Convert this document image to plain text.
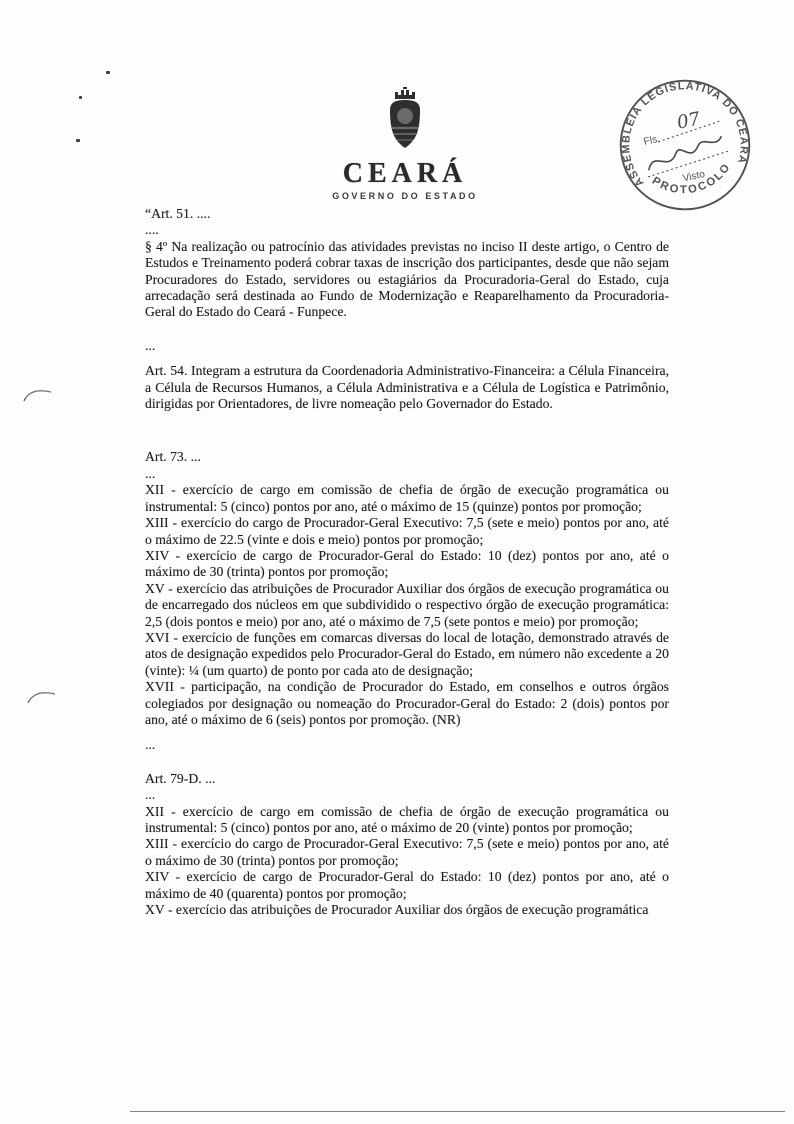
CEARÁ
GOVERNO DO ESTADO
ASSEMBLEIA LEGISLATIVA DO CEARÁ
PROTOCOLO
Fls.
07
Visto

“Art. 51. ....

....

§ 4º Na realização ou patrocínio das atividades previstas no inciso II deste artigo, o Centro de Estudos e Treinamento poderá cobrar taxas de inscrição dos participantes, desde que não sejam Procuradores do Estado, servidores ou estagiários da Procuradoria-Geral do Estado, cuja arrecadação será destinada ao Fundo de Modernização e Reaparelhamento da Procuradoria-Geral do Estado do Ceará - Funpece.

...

Art. 54. Integram a estrutura da Coordenadoria Administrativo-Financeira: a Célula Financeira, a Célula de Recursos Humanos, a Célula Administrativa e a Célula de Logística e Patrimônio, dirigidas por Orientadores, de livre nomeação pelo Governador do Estado.

Art. 73. ...

...

XII - exercício de cargo em comissão de chefia de órgão de execução programática ou instrumental: 5 (cinco) pontos por ano, até o máximo de 15 (quinze) pontos por promoção;

XIII - exercício do cargo de Procurador-Geral Executivo: 7,5 (sete e meio) pontos por ano, até o máximo de 22.5 (vinte e dois e meio) pontos por promoção;

XIV - exercício de cargo de Procurador-Geral do Estado: 10 (dez) pontos por ano, até o máximo de 30 (trinta) pontos por promoção;

XV - exercício das atribuições de Procurador Auxiliar dos órgãos de execução programática ou de encarregado dos núcleos em que subdividido o respectivo órgão de execução programática: 2,5 (dois pontos e meio) por ano, até o máximo de 7,5 (sete pontos e meio) por promoção;

XVI - exercício de funções em comarcas diversas do local de lotação, demonstrado através de atos de designação expedidos pelo Procurador-Geral do Estado, em número não excedente a 20 (vinte): ¼ (um quarto) de ponto por cada ato de designação;

XVII - participação, na condição de Procurador do Estado, em conselhos e outros órgãos colegiados por designação ou nomeação do Procurador-Geral do Estado: 2 (dois) pontos por ano, até o máximo de 6 (seis) pontos por promoção. (NR)

...

Art. 79-D. ...

...

XII - exercício de cargo em comissão de chefia de órgão de execução programática ou instrumental: 5 (cinco) pontos por ano, até o máximo de 20 (vinte) pontos por promoção;

XIII - exercício do cargo de Procurador-Geral Executivo: 7,5 (sete e meio) pontos por ano, até o máximo de 30 (trinta) pontos por promoção;

XIV - exercício de cargo de Procurador-Geral do Estado: 10 (dez) pontos por ano, até o máximo de 40 (quarenta) pontos por promoção;

XV - exercício das atribuições de Procurador Auxiliar dos órgãos de execução programática
